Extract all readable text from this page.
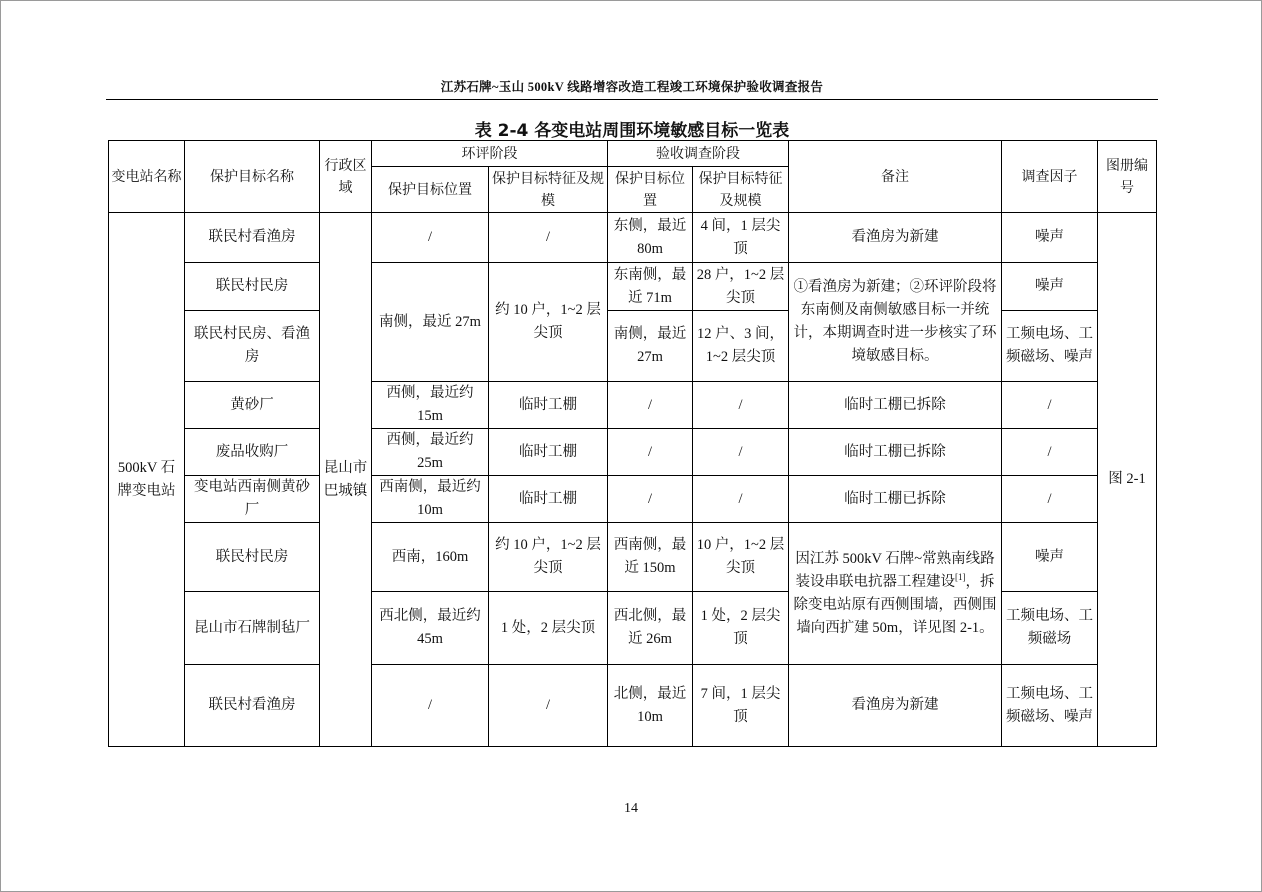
江苏石牌~玉山 500kV 线路增容改造工程竣工环境保护验收调查报告
表 2-4 各变电站周围环境敏感目标一览表
变电站名称	保护目标名称	行政区域	环评阶段		验收调查阶段		备注	调查因子	图册编号
			保护目标位置	保护目标特征及规模	保护目标位置	保护目标特征及规模			
500kV 石牌变电站	联民村看渔房	昆山市巴城镇	/	/	东侧，最近 80m	4 间，1 层尖顶	看渔房为新建	噪声	图 2-1
	联民村民房		南侧，最近 27m	约 10 户，1~2 层尖顶	东南侧，最近 71m	28 户，1~2 层尖顶	①看渔房为新建；②环评阶段将东南侧及南侧敏感目标一并统计，本期调查时进一步核实了环境敏感目标。	噪声	
	联民村民房、看渔房				南侧，最近 27m	12 户、3 间，1~2 层尖顶		工频电场、工频磁场、噪声	
	黄砂厂		西侧，最近约 15m	临时工棚	/	/	临时工棚已拆除	/	
	废品收购厂		西侧，最近约 25m	临时工棚	/	/	临时工棚已拆除	/	
	变电站西南侧黄砂厂		西南侧，最近约 10m	临时工棚	/	/	临时工棚已拆除	/	
	联民村民房		西南，160m	约 10 户，1~2 层尖顶	西南侧，最近 150m	10 户，1~2 层尖顶	因江苏 500kV 石牌~常熟南线路装设串联电抗器工程建设[1]，拆除变电站原有西侧围墙，西侧围墙向西扩建 50m，详见图 2-1。	噪声	
	昆山市石牌制毡厂		西北侧，最近约 45m	1 处，2 层尖顶	西北侧，最近 26m	1 处，2 层尖顶		工频电场、工频磁场	
	联民村看渔房		/	/	北侧，最近 10m	7 间，1 层尖顶	看渔房为新建	工频电场、工频磁场、噪声	
14
